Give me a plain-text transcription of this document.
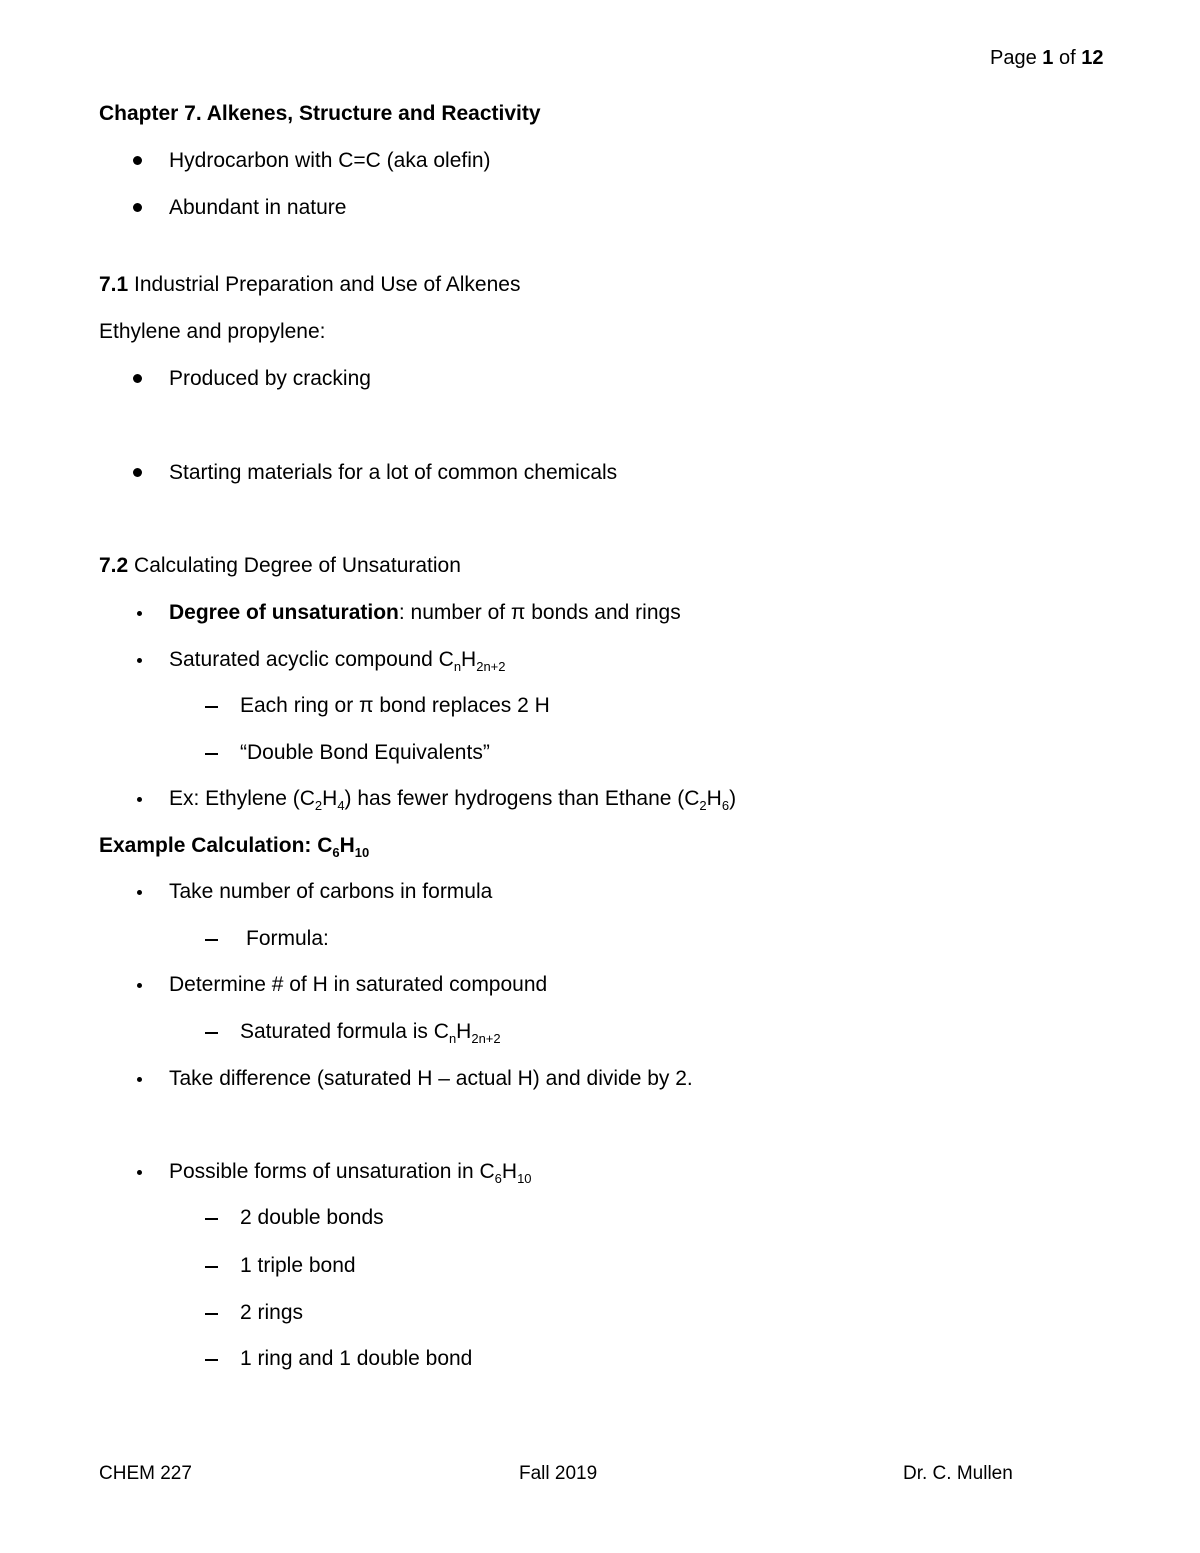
Page 1 of 12
Chapter 7. Alkenes, Structure and Reactivity
Hydrocarbon with C=C (aka olefin)
Abundant in nature
7.1 Industrial Preparation and Use of Alkenes
Ethylene and propylene:
Produced by cracking
Starting materials for a lot of common chemicals
7.2 Calculating Degree of Unsaturation
Degree of unsaturation: number of π bonds and rings
Saturated acyclic compound $C_nH_{2n+2}$
Each ring or π bond replaces 2 H
“Double Bond Equivalents”
Ex: Ethylene $(C_2H_4)$ has fewer hydrogens than Ethane $(C_2H_6)$
Example Calculation: $C_6H_{10}$
Take number of carbons in formula
Formula:
Determine # of H in saturated compound
Saturated formula is $C_nH_{2n+2}$
Take difference (saturated H – actual H) and divide by 2.
Possible forms of unsaturation in $C_6H_{10}$
2 double bonds
1 triple bond
2 rings
1 ring and 1 double bond
CHEM 227	Fall 2019	Dr. C. Mullen
